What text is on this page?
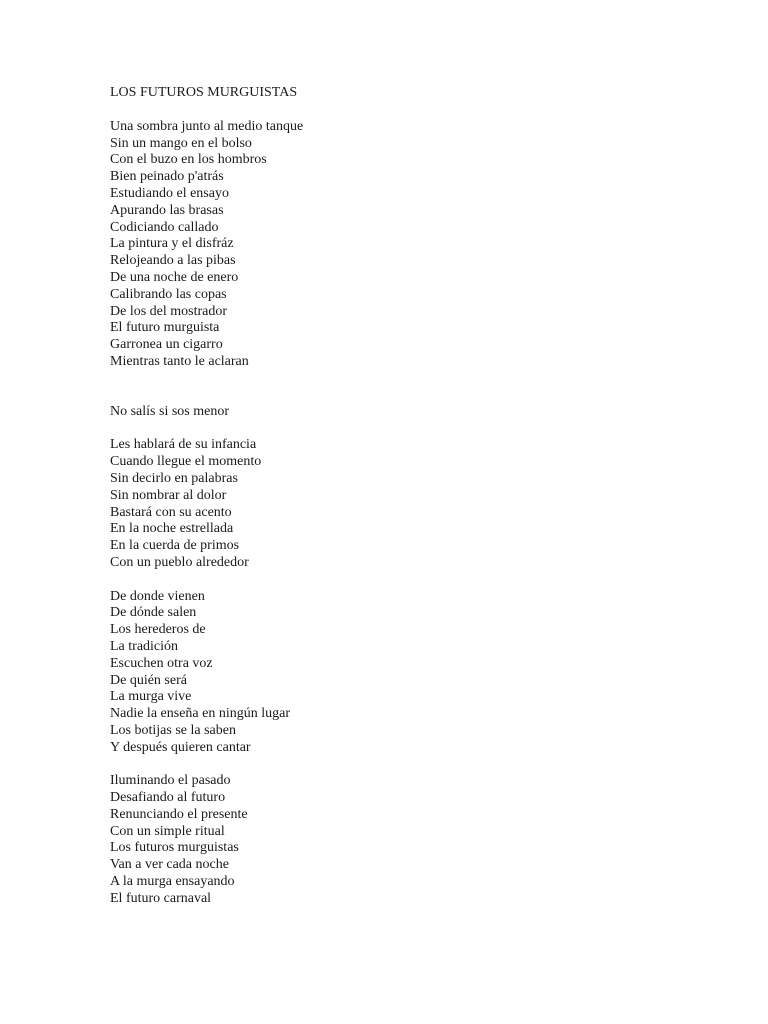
LOS FUTUROS MURGUISTAS
Una sombra junto al medio tanque
Sin un mango en el bolso
Con el buzo en los hombros
Bien peinado p'atrás
Estudiando el ensayo
Apurando las brasas
Codiciando callado
La pintura y el disfráz
Relojeando a las pibas
De una noche de enero
Calibrando las copas
De los del mostrador
El futuro murguista
Garronea un cigarro
Mientras tanto le aclaran
No salís si sos menor
Les hablará de su infancia
Cuando llegue el momento
Sin decirlo en palabras
Sin nombrar al dolor
Bastará con su acento
En la noche estrellada
En la cuerda de primos
Con un pueblo alrededor
De donde vienen
De dónde salen
Los herederos de
La tradición
Escuchen otra voz
De quién será
La murga vive
Nadie la enseña en ningún lugar
Los botijas se la saben
Y después quieren cantar
Iluminando el pasado
Desafiando al futuro
Renunciando el presente
Con un simple ritual
Los futuros murguistas
Van a ver cada noche
A la murga ensayando
El futuro carnaval
